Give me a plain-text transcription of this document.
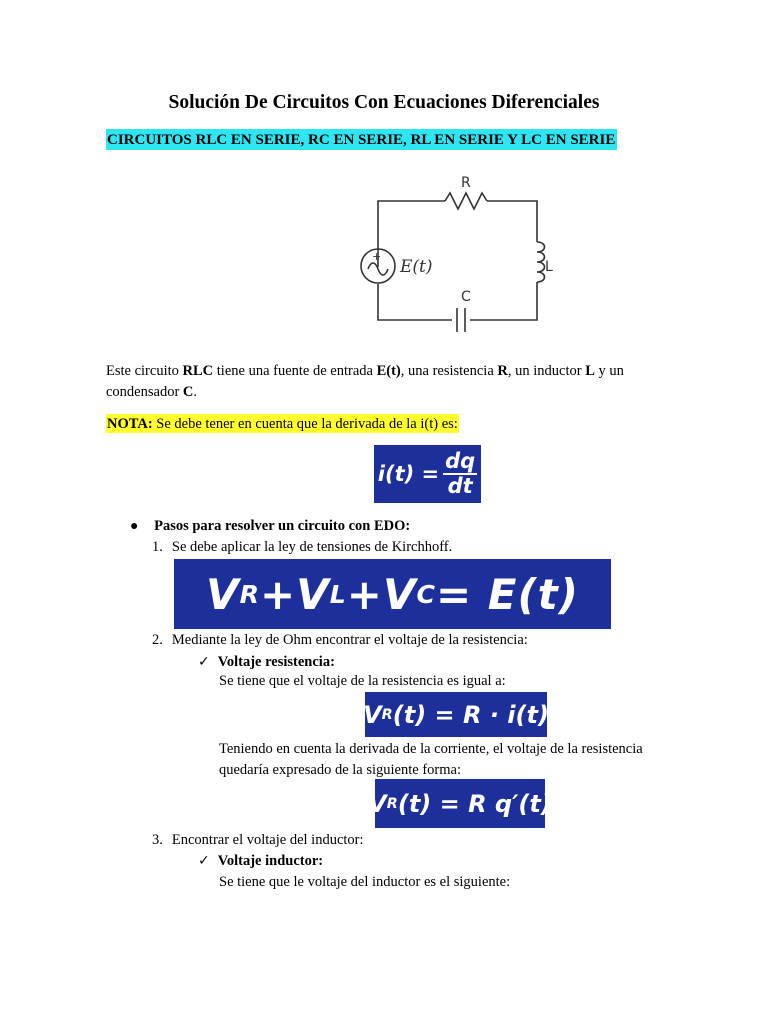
Solución De Circuitos Con Ecuaciones Diferenciales
CIRCUITOS RLC EN SERIE, RC EN SERIE, RL EN SERIE Y LC EN SERIE
+
R
L
C
E(t)
Este circuito RLC tiene una fuente de entrada E(t), una resistencia R, un inductor L y un
condensador C.
NOTA: Se debe tener en cuenta que la derivada de la i(t) es:
$i(t) = \frac{dq}{dt}$
● Pasos para resolver un circuito con EDO:
1. Se debe aplicar la ley de tensiones de Kirchhoff.
V R + V L + V C = E(t)
2. Mediante la ley de Ohm encontrar el voltaje de la resistencia:
✓ Voltaje resistencia:
Se tiene que el voltaje de la resistencia es igual a:
V R (t) = R · i(t)
Teniendo en cuenta la derivada de la corriente, el voltaje de la resistencia
quedaría expresado de la siguiente forma:
V R (t) = R q′(t)
3. Encontrar el voltaje del inductor:
✓ Voltaje inductor:
Se tiene que le voltaje del inductor es el siguiente:
